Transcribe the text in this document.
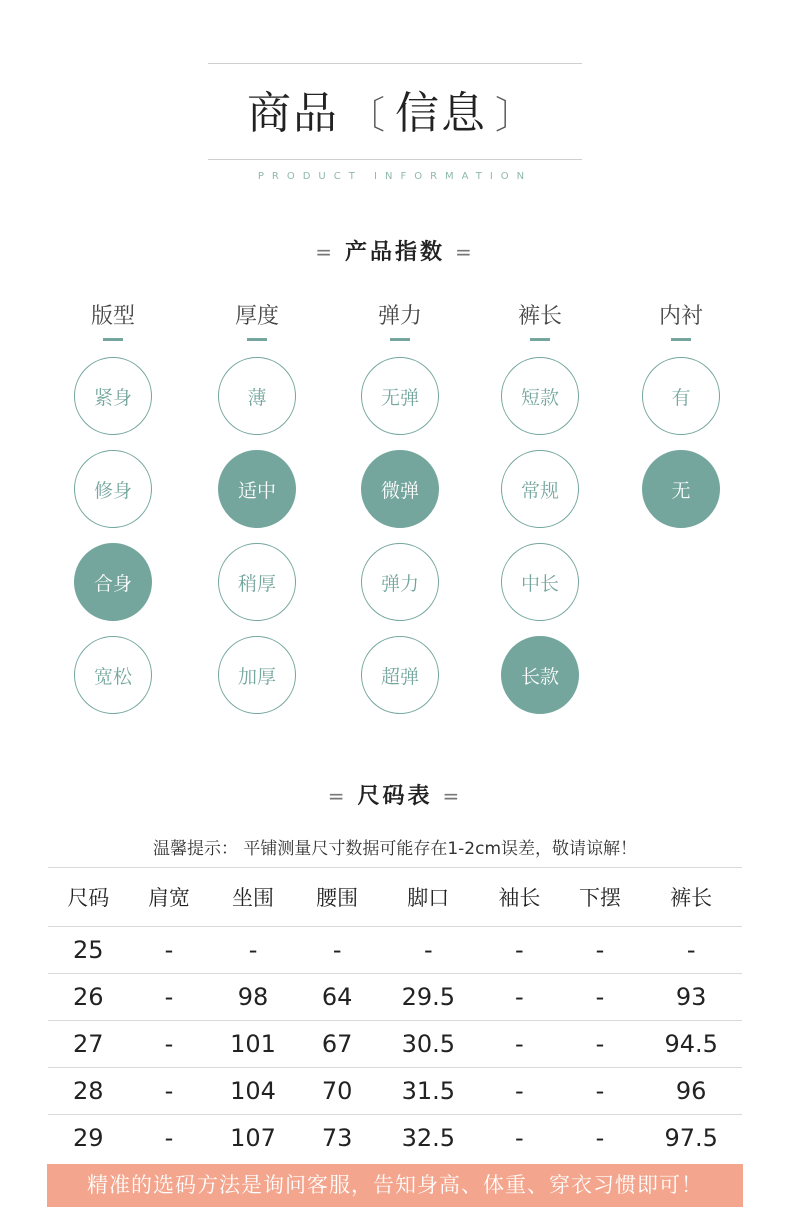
商品 〔 信息 〕
PRODUCT INFORMATION
= 产品指数 =
版型
紧身
修身
合身
宽松
厚度
薄
适中
稍厚
加厚
弹力
无弹
微弹
弹力
超弹
裤长
短款
常规
中长
长款
内衬
有
无
= 尺码表 =
温馨提示： 平铺测量尺寸数据可能存在1-2cm误差，敬请谅解！
尺码	肩宽	坐围	腰围	脚口	袖长	下摆	裤长
25	-	-	-	-	-	-	-
26	-	98	64	29.5	-	-	93
27	-	101	67	30.5	-	-	94.5
28	-	104	70	31.5	-	-	96
29	-	107	73	32.5	-	-	97.5
精准的选码方法是询问客服，告知身高、体重、穿衣习惯即可！
